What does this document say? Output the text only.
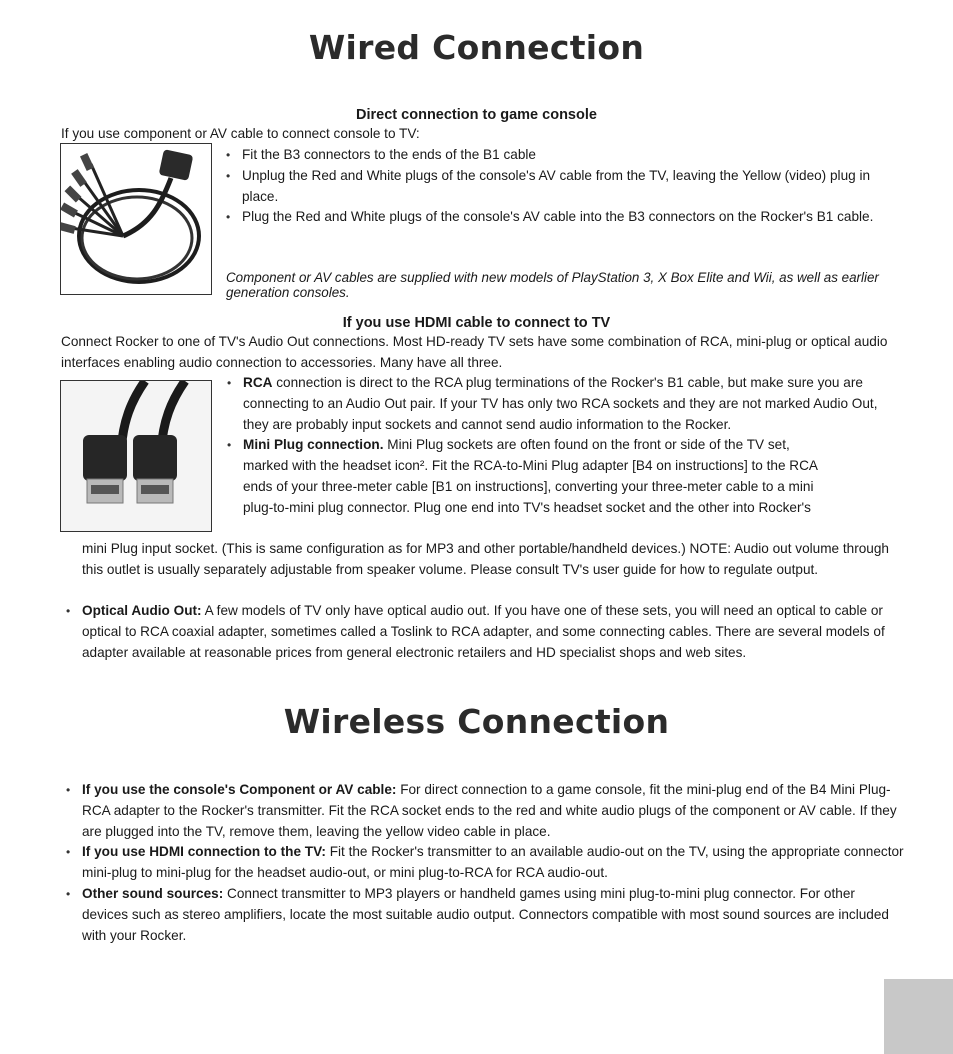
Wired Connection
Direct connection to game console

If you use component or AV cable to connect console to TV:

• Fit the B3 connectors to the ends of the B1 cable
• Unplug the Red and White plugs of the console's AV cable from the TV, leaving the Yellow (video) plug in place.
• Plug the Red and White plugs of the console's AV cable into the B3 connectors on the Rocker's B1 cable.

Component or AV cables are supplied with new models of PlayStation 3, X Box Elite and Wii, as well as earlier generation consoles.

If you use HDMI cable to connect to TV

Connect Rocker to one of TV's Audio Out connections. Most HD-ready TV sets have some combination of RCA, mini-plug or optical audio interfaces enabling audio connection to accessories. Many have all three.

• RCA connection is direct to the RCA plug terminations of the Rocker's B1 cable, but make sure you are connecting to an Audio Out pair. If your TV has only two RCA sockets and they are not marked Audio Out, they are probably input sockets and cannot send audio information to the Rocker.
• Mini Plug connection. Mini Plug sockets are often found on the front or side of the TV set,
marked with the headset icon². Fit the RCA-to-Mini Plug adapter [B4 on instructions] to the RCA
ends of your three-meter cable [B1 on instructions], converting your three-meter cable to a mini
plug-to-mini plug connector. Plug one end into TV's headset socket and the other into Rocker's

mini Plug input socket. (This is same configuration as for MP3 and other portable/handheld devices.) NOTE: Audio out volume through this outlet is usually separately adjustable from speaker volume. Please consult TV's user guide for how to regulate output.

• Optical Audio Out: A few models of TV only have optical audio out. If you have one of these sets, you will need an optical to cable or optical to RCA coaxial adapter, sometimes called a Toslink to RCA adapter, and some connecting cables. There are several models of adapter available at reasonable prices from general electronic retailers and HD specialist shops and web sites.
Wireless Connection
• If you use the console's Component or AV cable: For direct connection to a game console, fit the mini-plug end of the B4 Mini Plug-RCA adapter to the Rocker's transmitter. Fit the RCA socket ends to the red and white audio plugs of the component or AV cable. If they are plugged into the TV, remove them, leaving the yellow video cable in place.
• If you use HDMI connection to the TV: Fit the Rocker's transmitter to an available audio-out on the TV, using the appropriate connector mini-plug to mini-plug for the headset audio-out, or mini plug-to-RCA for RCA audio-out.
• Other sound sources: Connect transmitter to MP3 players or handheld games using mini plug-to-mini plug connector. For other devices such as stereo amplifiers, locate the most suitable audio output. Connectors compatible with most sound sources are included with your Rocker.
